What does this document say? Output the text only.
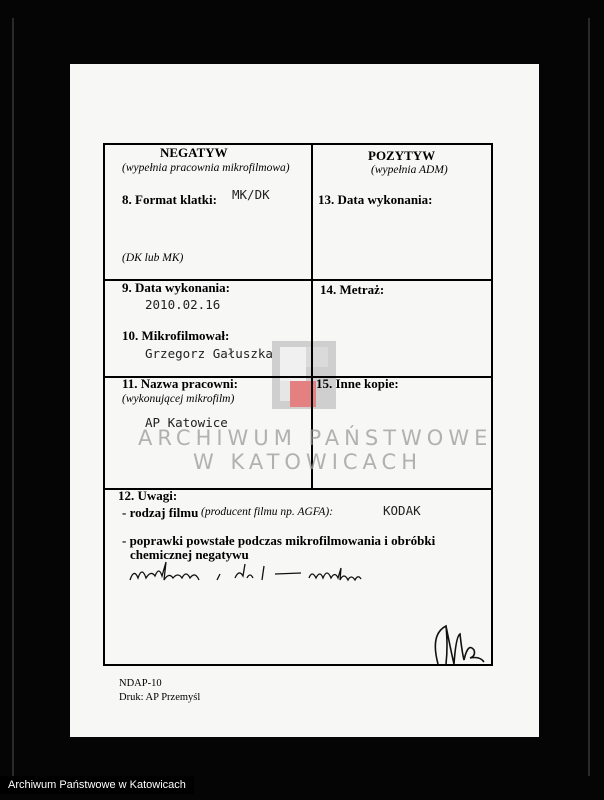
NEGATYW
(wypełnia pracownia mikrofilmowa)
8. Format klatki: MK/DK
(DK lub MK)
POZYTYW
(wypełnia ADM)
13. Data wykonania:
9. Data wykonania:
2010.02.16
14. Metraż:
10. Mikrofilmował:
Grzegorz Gałuszka
11. Nazwa pracowni:
(wykonującej mikrofilm)
AP Katowice
15. Inne kopie:
ARCHIWUM PAŃSTWOWE
W KATOWICACH
12. Uwagi:
- rodzaj filmu (producent filmu np. AGFA):	KODAK
- poprawki powstałe podczas mikrofilmowania i obróbki
chemicznej negatywu
NDAP-10
Druk: AP Przemyśl
Archiwum Państwowe w Katowicach
